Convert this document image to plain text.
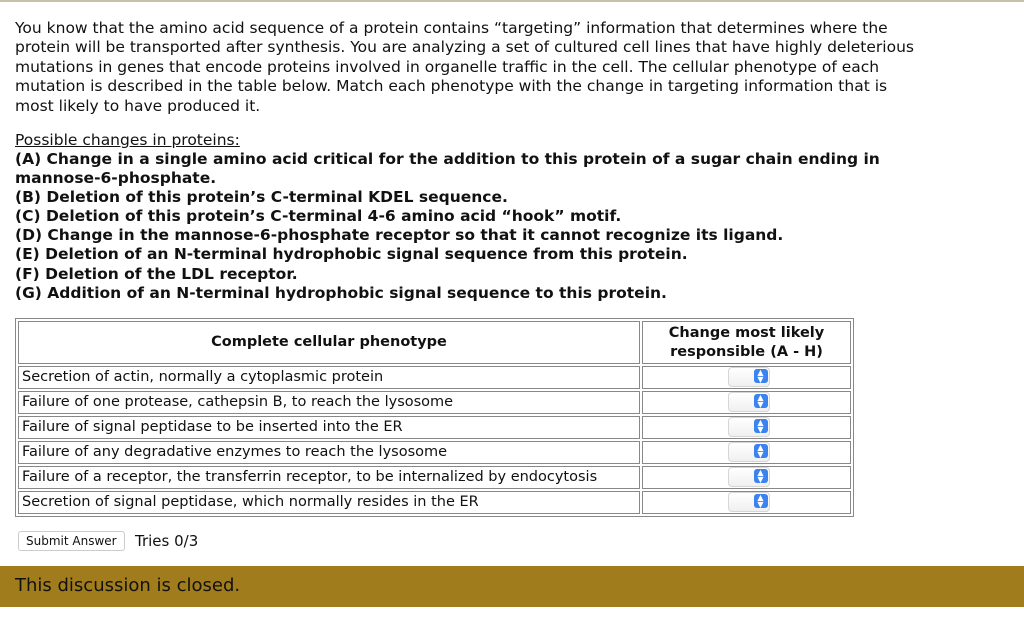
You know that the amino acid sequence of a protein contains “targeting” information that determines where the protein will be transported after synthesis. You are analyzing a set of cultured cell lines that have highly deleterious mutations in genes that encode proteins involved in organelle traffic in the cell. The cellular phenotype of each mutation is described in the table below. Match each phenotype with the change in targeting information that is most likely to have produced it.

Possible changes in proteins:
(A) Change in a single amino acid critical for the addition to this protein of a sugar chain ending in mannose-6-phosphate.
(B) Deletion of this protein’s C-terminal KDEL sequence.
(C) Deletion of this protein’s C-terminal 4-6 amino acid “hook” motif.
(D) Change in the mannose-6-phosphate receptor so that it cannot recognize its ligand.
(E) Deletion of an N-terminal hydrophobic signal sequence from this protein.
(F) Deletion of the LDL receptor.
(G) Addition of an N-terminal hydrophobic signal sequence to this protein.
Complete cellular phenotype	Change most likely responsible (A - H)
Secretion of actin, normally a cytoplasmic protein	▲
▼

Failure of one protease, cathepsin B, to reach the lysosome	▲
▼

Failure of signal peptidase to be inserted into the ER	▲
▼

Failure of any degradative enzymes to reach the lysosome	▲
▼

Failure of a receptor, the transferrin receptor, to be internalized by endocytosis	▲
▼

Secretion of signal peptidase, which normally resides in the ER	▲
▼
Submit Answer	Tries 0/3
This discussion is closed.
